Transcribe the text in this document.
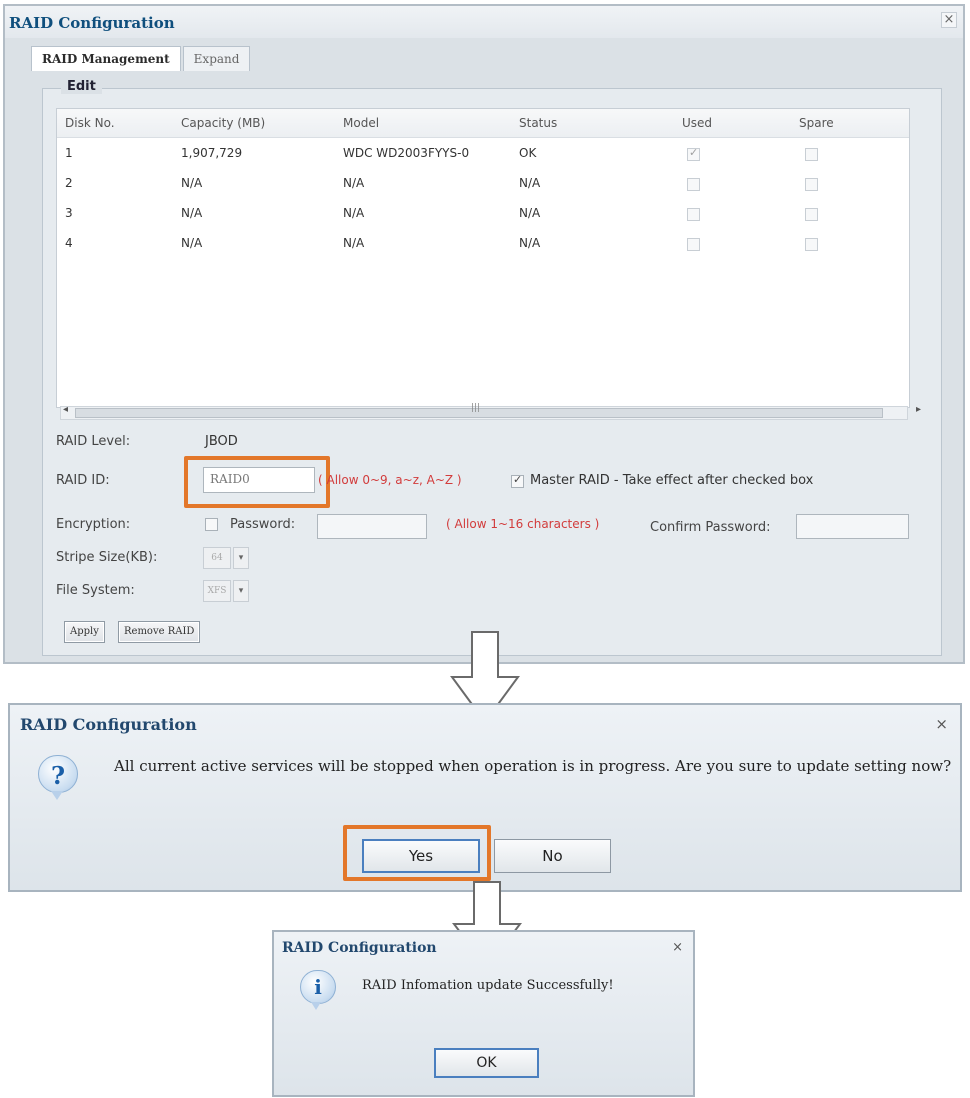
RAID Configuration	×
RAID Management Expand
Edit
Disk No.	Capacity (MB)	Model	Status	Used	Spare
1	1,907,729	WDC WD2003FYYS-0	OK
✓
2	N/A	N/A	N/A
3	N/A	N/A	N/A
4	N/A	N/A	N/A
◂	|||	▸
RAID Level:	JBOD
RAID ID:	RAID0	( Allow 0~9, a~z, A~Z )
✓	Master RAID - Take effect after checked box
Encryption:	Password:	( Allow 1~16 characters )	Confirm Password:
Stripe Size(KB):	64	▾
File System:	XFS	▾
Apply	Remove RAID
RAID Configuration	×
?	All current active services will be stopped when operation is in progress. Are you sure to update setting now?
Yes	No
RAID Configuration	×
i	RAID Infomation update Successfully!
OK
